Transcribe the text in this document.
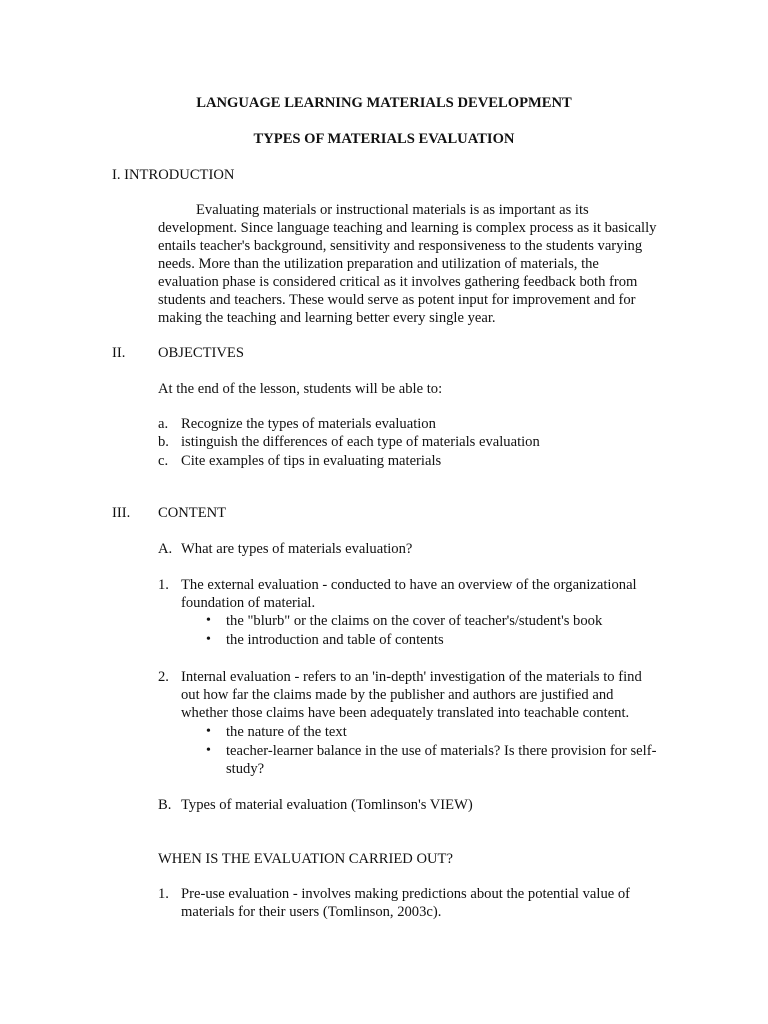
LANGUAGE LEARNING MATERIALS DEVELOPMENT
TYPES OF MATERIALS EVALUATION
I. INTRODUCTION
Evaluating materials or instructional materials is as important as its
development. Since language teaching and learning is complex process as it basically
entails teacher's background, sensitivity and responsiveness to the students varying
needs. More than the utilization preparation and utilization of materials, the
evaluation phase is considered critical as it involves gathering feedback both from
students and teachers. These would serve as potent input for improvement and for
making the teaching and learning better every single year.
II. OBJECTIVES
At the end of the lesson, students will be able to:
a. Recognize the types of materials evaluation
b. istinguish the differences of each type of materials evaluation
c. Cite examples of tips in evaluating materials
III. CONTENT
A. What are types of materials evaluation?
1. The external evaluation - conducted to have an overview of the organizational
foundation of material.
• the "blurb" or the claims on the cover of teacher's/student's book
• the introduction and table of contents
2. Internal evaluation - refers to an 'in-depth' investigation of the materials to find
out how far the claims made by the publisher and authors are justified and
whether those claims have been adequately translated into teachable content.
• the nature of the text
• teacher-learner balance in the use of materials? Is there provision for self-
study?
B. Types of material evaluation (Tomlinson's VIEW)
WHEN IS THE EVALUATION CARRIED OUT?
1. Pre-use evaluation - involves making predictions about the potential value of
materials for their users (Tomlinson, 2003c).
